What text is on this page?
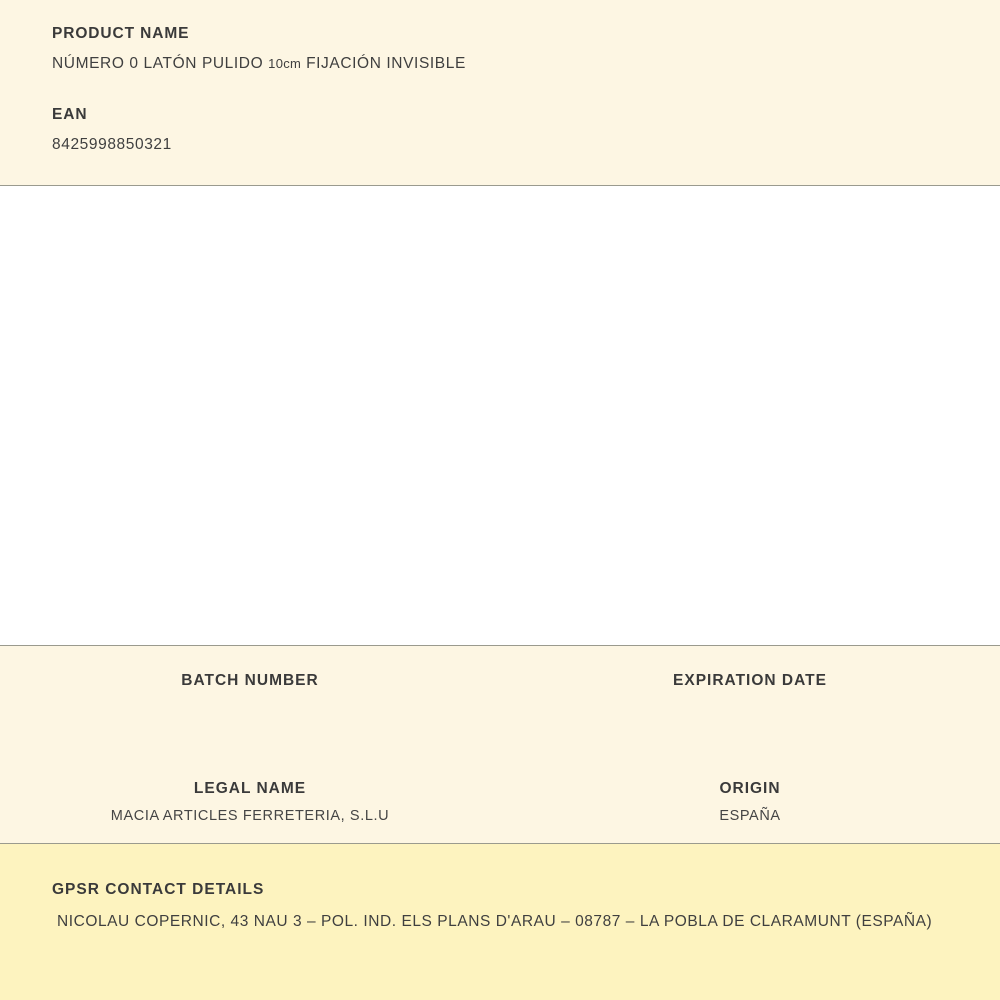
PRODUCT NAME
NÚMERO 0 LATÓN PULIDO 10cm FIJACIÓN INVISIBLE
EAN
8425998850321
BATCH NUMBER	EXPIRATION DATE
LEGAL NAME
MACIA ARTICLES FERRETERIA, S.L.U
ORIGIN
ESPAÑA
GPSR CONTACT DETAILS
NICOLAU COPERNIC, 43 NAU 3 – POL. IND. ELS PLANS D'ARAU – 08787 – LA POBLA DE CLARAMUNT (ESPAÑA)
